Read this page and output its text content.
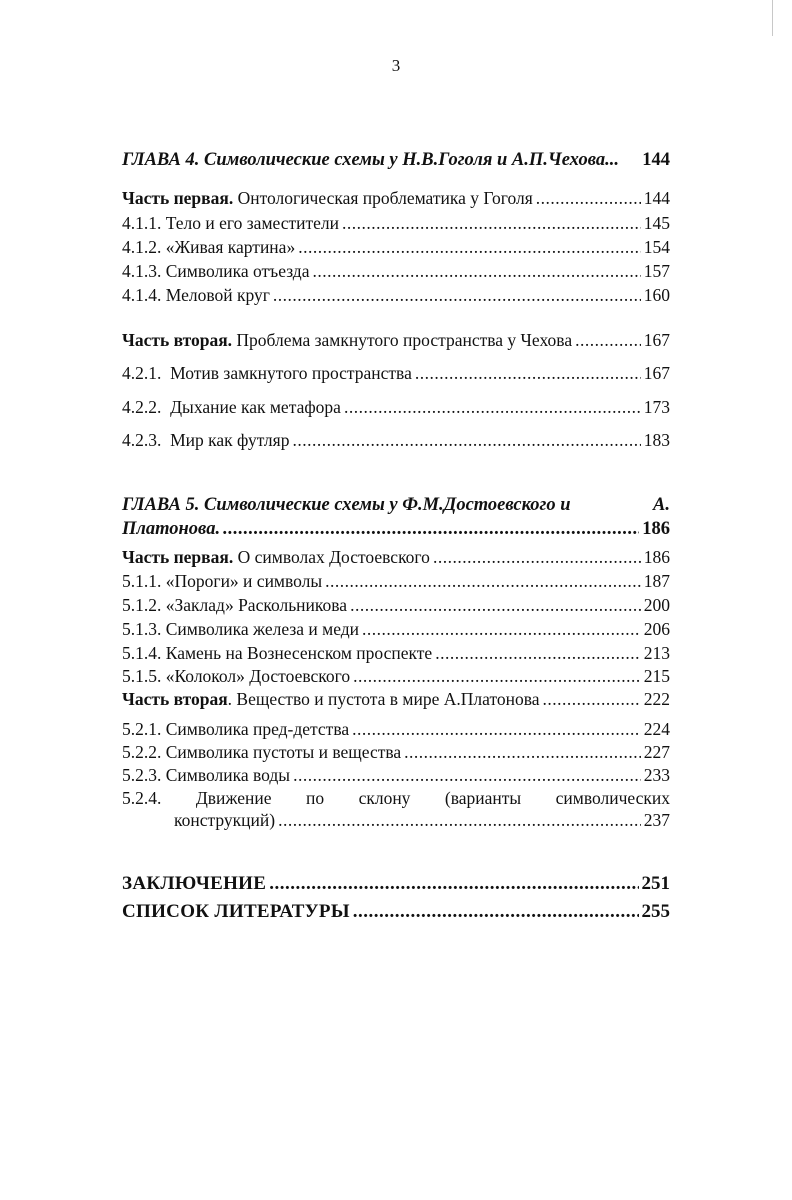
3
ГЛАВА 4. Символические схемы у Н.В.Гоголя и А.П.Чехова... 144
Часть первая. Онтологическая проблематика у Гоголя .....	144
4.1.1. Тело и его заместители .....	145
4.1.2. «Живая картина» .....	154
4.1.3. Символика отъезда .....	157
4.1.4. Меловой круг .....	160
Часть вторая. Проблема замкнутого пространства у Чехова .....	167
4.2.1. Мотив замкнутого пространства .....	167
4.2.2. Дыхание как метафора .....	173
4.2.3. Мир как футляр .....	183
ГЛАВА 5. Символические схемы у Ф.М.Достоевского и	А.
Платонова. .....	186
Часть первая. О символах Достоевского .....	186
5.1.1. «Пороги» и символы .....	187
5.1.2. «Заклад» Раскольникова .....	200
5.1.3. Символика железа и меди .....	206
5.1.4. Камень на Вознесенском проспекте .....	213
5.1.5. «Колокол» Достоевского .....	215
Часть вторая. Вещество и пустота в мире А.Платонова .....	222
5.2.1. Символика пред-детства .....	224
5.2.2. Символика пустоты и вещества .....	227
5.2.3. Символика воды .....	233
5.2.4. Движение по склону (варианты символических
конструкций) .....	237
ЗАКЛЮЧЕНИЕ .....	251
СПИСОК ЛИТЕРАТУРЫ .....	255
